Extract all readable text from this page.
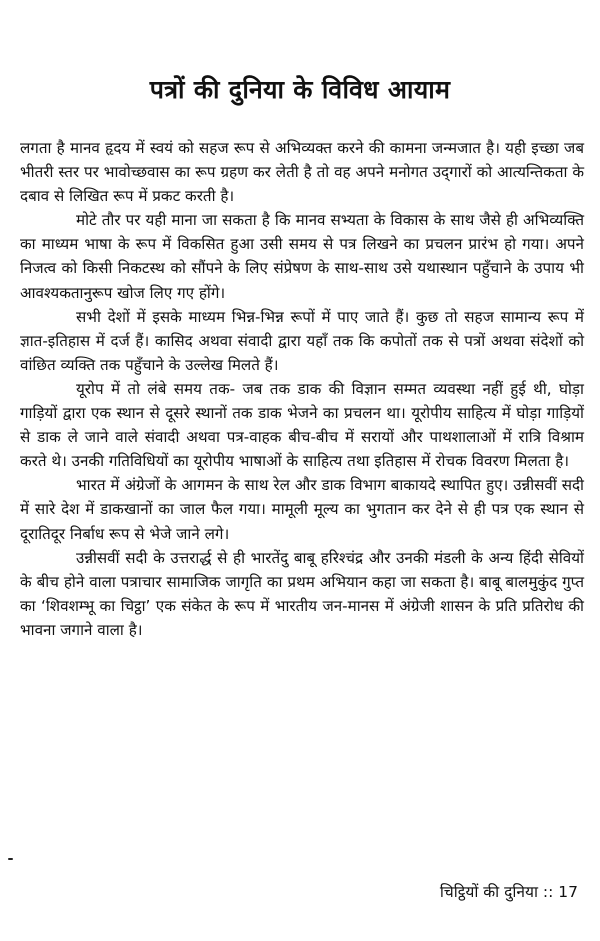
पत्रों की दुनिया के विविध आयाम

लगता है मानव हृदय में स्वयं को सहज रूप से अभिव्यक्त करने की कामना जन्मजात है। यही इच्छा जब भीतरी स्तर पर भावोच्छवास का रूप ग्रहण कर लेती है तो वह अपने मनोगत उद्‌गारों को आत्यन्तिकता के दबाव से लिखित रूप में प्रकट करती है।

मोटे तौर पर यही माना जा सकता है कि मानव सभ्यता के विकास के साथ जैसे ही अभिव्यक्ति का माध्यम भाषा के रूप में विकसित हुआ उसी समय से पत्र लिखने का प्रचलन प्रारंभ हो गया। अपने निजत्व को किसी निकटस्थ को सौंपने के लिए संप्रेषण के साथ-साथ उसे यथास्थान पहुँचाने के उपाय भी आवश्यकतानुरूप खोज लिए गए होंगे।

सभी देशों में इसके माध्यम भिन्न-भिन्न रूपों में पाए जाते हैं। कुछ तो सहज सामान्य रूप में ज्ञात-इतिहास में दर्ज हैं। कासिद अथवा संवादी द्वारा यहाँ तक कि कपोतों तक से पत्रों अथवा संदेशों को वांछित व्यक्ति तक पहुँचाने के उल्लेख मिलते हैं।

यूरोप में तो लंबे समय तक- जब तक डाक की विज्ञान सम्मत व्यवस्था नहीं हुई थी, घोड़ा गाड़ियों द्वारा एक स्थान से दूसरे स्थानों तक डाक भेजने का प्रचलन था। यूरोपीय साहित्य में घोड़ा गाड़ियों से डाक ले जाने वाले संवादी अथवा पत्र-वाहक बीच-बीच में सरायों और पाथशालाओं में रात्रि विश्राम करते थे। उनकी गतिविधियों का यूरोपीय भाषाओं के साहित्य तथा इतिहास में रोचक विवरण मिलता है।

भारत में अंग्रेजों के आगमन के साथ रेल और डाक विभाग बाकायदे स्थापित हुए। उन्नीसवीं सदी में सारे देश में डाकखानों का जाल फैल गया। मामूली मूल्य का भुगतान कर देने से ही पत्र एक स्थान से दूरातिदूर निर्बाध रूप से भेजे जाने लगे।

उन्नीसवीं सदी के उत्तरार्द्ध से ही भारतेंदु बाबू हरिश्चंद्र और उनकी मंडली के अन्य हिंदी सेवियों के बीच होने वाला पत्राचार सामाजिक जागृति का प्रथम अभियान कहा जा सकता है। बाबू बालमुकुंद गुप्त का ‘शिवशम्भू का चिट्ठा’ एक संकेत के रूप में भारतीय जन-मानस में अंग्रेजी शासन के प्रति प्रतिरोध की भावना जगाने वाला है।

चिट्ठियों की दुनिया :: 17
